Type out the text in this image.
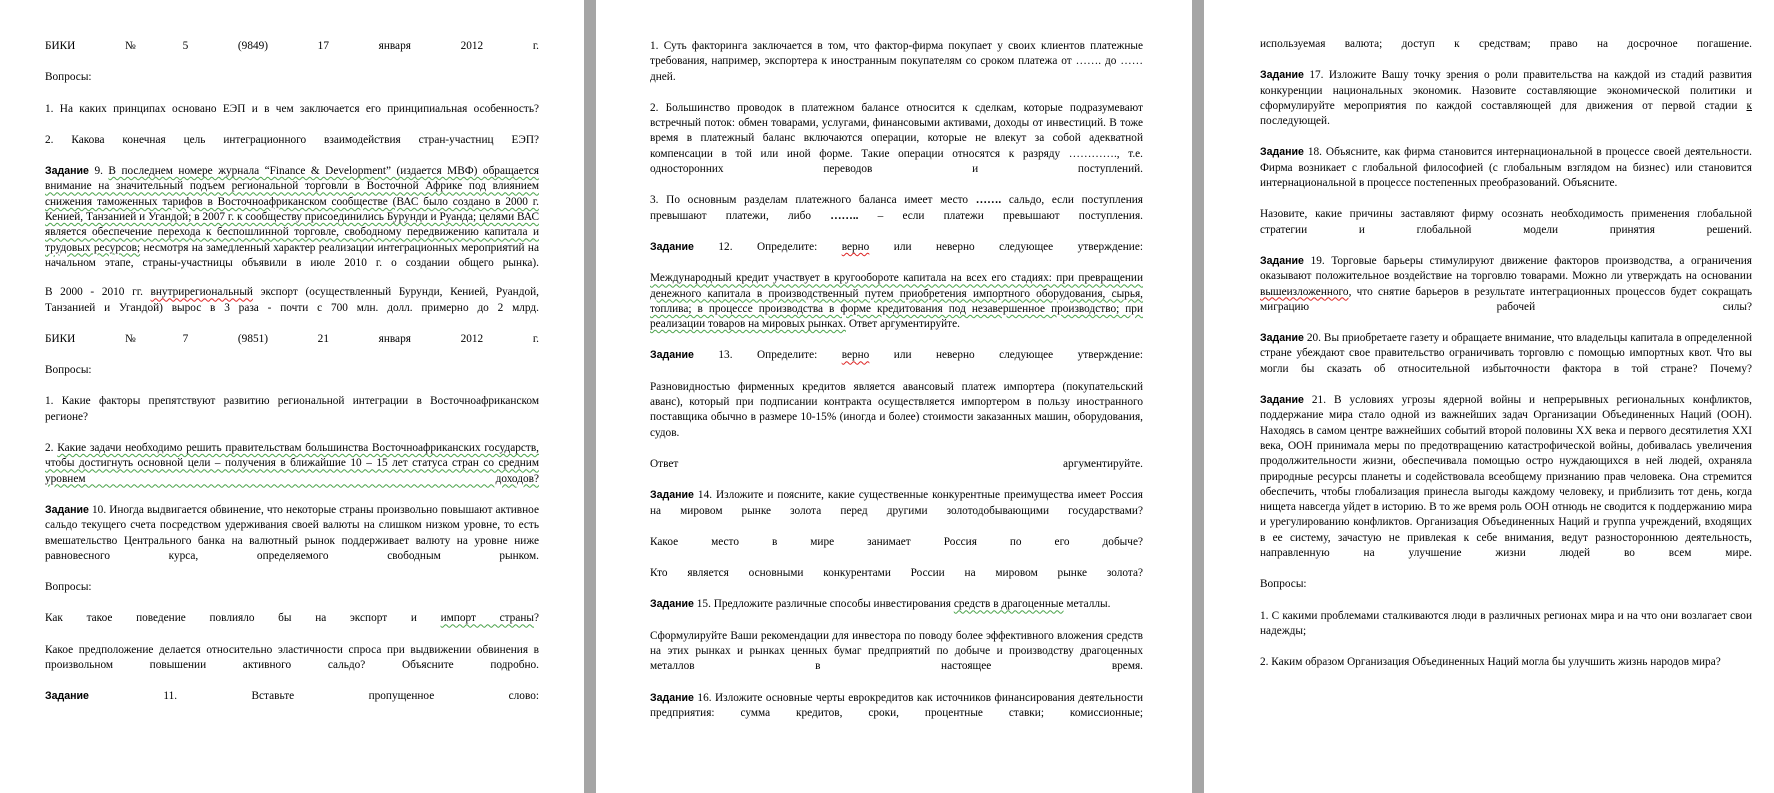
БИКИ №5 (9849) 17 января 2012 г.

Вопросы:

1. На каких принципах основано ЕЭП и в чем заключается его принципиальная особенность?

2. Какова конечная цель интеграционного взаимодействия стран-участниц ЕЭП?

Задание 9. В последнем номере журнала “Finance & Development” (издается МВФ) обращается внимание на значительный подъем региональной торговли в Восточной Африке под влиянием снижения таможенных тарифов в Восточноафриканском сообществе (ВАС было создано в 2000 г. Кенией, Танзанией и Угандой; в 2007 г. к сообществу присоединились Бурунди и Руанда; целями ВАС является обеспечение перехода к беспошлинной торговле, свободному передвижению капитала и трудовых ресурсов; несмотря на замедленный характер реализации интеграционных мероприятий на начальном этапе, страны-участницы объявили в июле 2010 г. о создании общего рынка).

В 2000 - 2010 гг. внутрирегиональный экспорт (осуществленный Бурунди, Кенией, Руандой, Танзанией и Угандой) вырос в 3 раза - почти с 700 млн. долл. примерно до 2 млрд.

БИКИ №7 (9851) 21 января 2012 г.

Вопросы:

1. Какие факторы препятствуют развитию региональной интеграции в Восточноафриканском регионе?

2. Какие задачи необходимо решить правительствам большинства Восточноафриканских государств, чтобы достигнуть основной цели – получения в ближайшие 10 – 15 лет статуса стран со средним уровнем доходов?

Задание 10. Иногда выдвигается обвинение, что некоторые страны произвольно повышают активное сальдо текущего счета посредством удерживания своей валюты на слишком низком уровне, то есть вмешательство Центрального банка на валютный рынок поддерживает валюту на уровне ниже равновесного курса, определяемого свободным рынком.

Вопросы:

Как такое поведение повлияло бы на экспорт и импорт страны?

Какое предположение делается относительно эластичности спроса при выдвижении обвинения в произвольном повышении активного сальдо? Объясните подробно.

Задание 11. Вставьте пропущенное слово:

1. Суть факторинга заключается в том, что фактор-фирма покупает у своих клиентов платежные требования, например, экспортера к иностранным покупателям со сроком платежа от ……. до …… дней.

2. Большинство проводок в платежном балансе относится к сделкам, которые подразумевают встречный поток: обмен товарами, услугами, финансовыми активами, доходы от инвестиций. В тоже время в платежный баланс включаются операции, которые не влекут за собой адекватной компенсации в той или иной форме. Такие операции относятся к разряду …………., т.е. односторонних переводов и поступлений.

3. По основным разделам платежного баланса имеет место ……. сальдо, если поступления превышают платежи, либо …….. – если платежи превышают поступления.

Задание 12. Определите: верно или неверно следующее утверждение:

Международный кредит участвует в кругообороте капитала на всех его стадиях: при превращении денежного капитала в производственный путем приобретения импортного оборудования, сырья, топлива; в процессе производства в форме кредитования под незавершенное производство; при реализации товаров на мировых рынках. Ответ аргументируйте.

Задание 13. Определите: верно или неверно следующее утверждение:

Разновидностью фирменных кредитов является авансовый платеж импортера (покупательский аванс), который при подписании контракта осуществляется импортером в пользу иностранного поставщика обычно в размере 10-15% (иногда и более) стоимости заказанных машин, оборудования, судов.

Ответ аргументируйте.

Задание 14. Изложите и поясните, какие существенные конкурентные преимущества имеет Россия на мировом рынке золота перед другими золотодобывающими государствами?

Какое место в мире занимает Россия по его добыче?

Кто является основными конкурентами России на мировом рынке золота?

Задание 15. Предложите различные способы инвестирования средств в драгоценные металлы.

Сформулируйте Ваши рекомендации для инвестора по поводу более эффективного вложения средств на этих рынках и рынках ценных бумаг предприятий по добыче и производству драгоценных металлов в настоящее время.

Задание 16. Изложите основные черты еврокредитов как источников финансирования деятельности предприятия: сумма кредитов, сроки, процентные ставки; комиссионные;

используемая валюта; доступ к средствам; право на досрочное погашение.

Задание 17. Изложите Вашу точку зрения о роли правительства на каждой из стадий развития конкуренции национальных экономик. Назовите составляющие экономической политики и сформулируйте мероприятия по каждой составляющей для движения от первой стадии к последующей.

Задание 18. Объясните, как фирма становится интернациональной в процессе своей деятельности. Фирма возникает с глобальной философией (с глобальным взглядом на бизнес) или становится интернациональной в процессе постепенных преобразований. Объясните.

Назовите, какие причины заставляют фирму осознать необходимость применения глобальной стратегии и глобальной модели принятия решений.

Задание 19. Торговые барьеры стимулируют движение факторов производства, а ограничения оказывают положительное воздействие на торговлю товарами. Можно ли утверждать на основании вышеизложенного, что снятие барьеров в результате интеграционных процессов будет сокращать миграцию рабочей силы?

Задание 20. Вы приобретаете газету и обращаете внимание, что владельцы капитала в определенной стране убеждают свое правительство ограничивать торговлю с помощью импортных квот. Что вы могли бы сказать об относительной избыточности фактора в той стране? Почему?

Задание 21. В условиях угрозы ядерной войны и непрерывных региональных конфликтов, поддержание мира стало одной из важнейших задач Организации Объединенных Наций (ООН). Находясь в самом центре важнейших событий второй половины XX века и первого десятилетия XXI века, ООН принимала меры по предотвращению катастрофической войны, добивалась увеличения продолжительности жизни, обеспечивала помощью остро нуждающихся в ней людей, охраняла природные ресурсы планеты и содействовала всеобщему признанию прав человека. Она стремится обеспечить, чтобы глобализация принесла выгоды каждому человеку, и приблизить тот день, когда нищета навсегда уйдет в историю. В то же время роль ООН отнюдь не сводится к поддержанию мира и урегулированию конфликтов. Организация Объединенных Наций и группа учреждений, входящих в ее систему, зачастую не привлекая к себе внимания, ведут разностороннюю деятельность, направленную на улучшение жизни людей во всем мире.

Вопросы:

1. С какими проблемами сталкиваются люди в различных регионах мира и на что они возлагает свои надежды;

2. Каким образом Организация Объединенных Наций могла бы улучшить жизнь народов мира?
